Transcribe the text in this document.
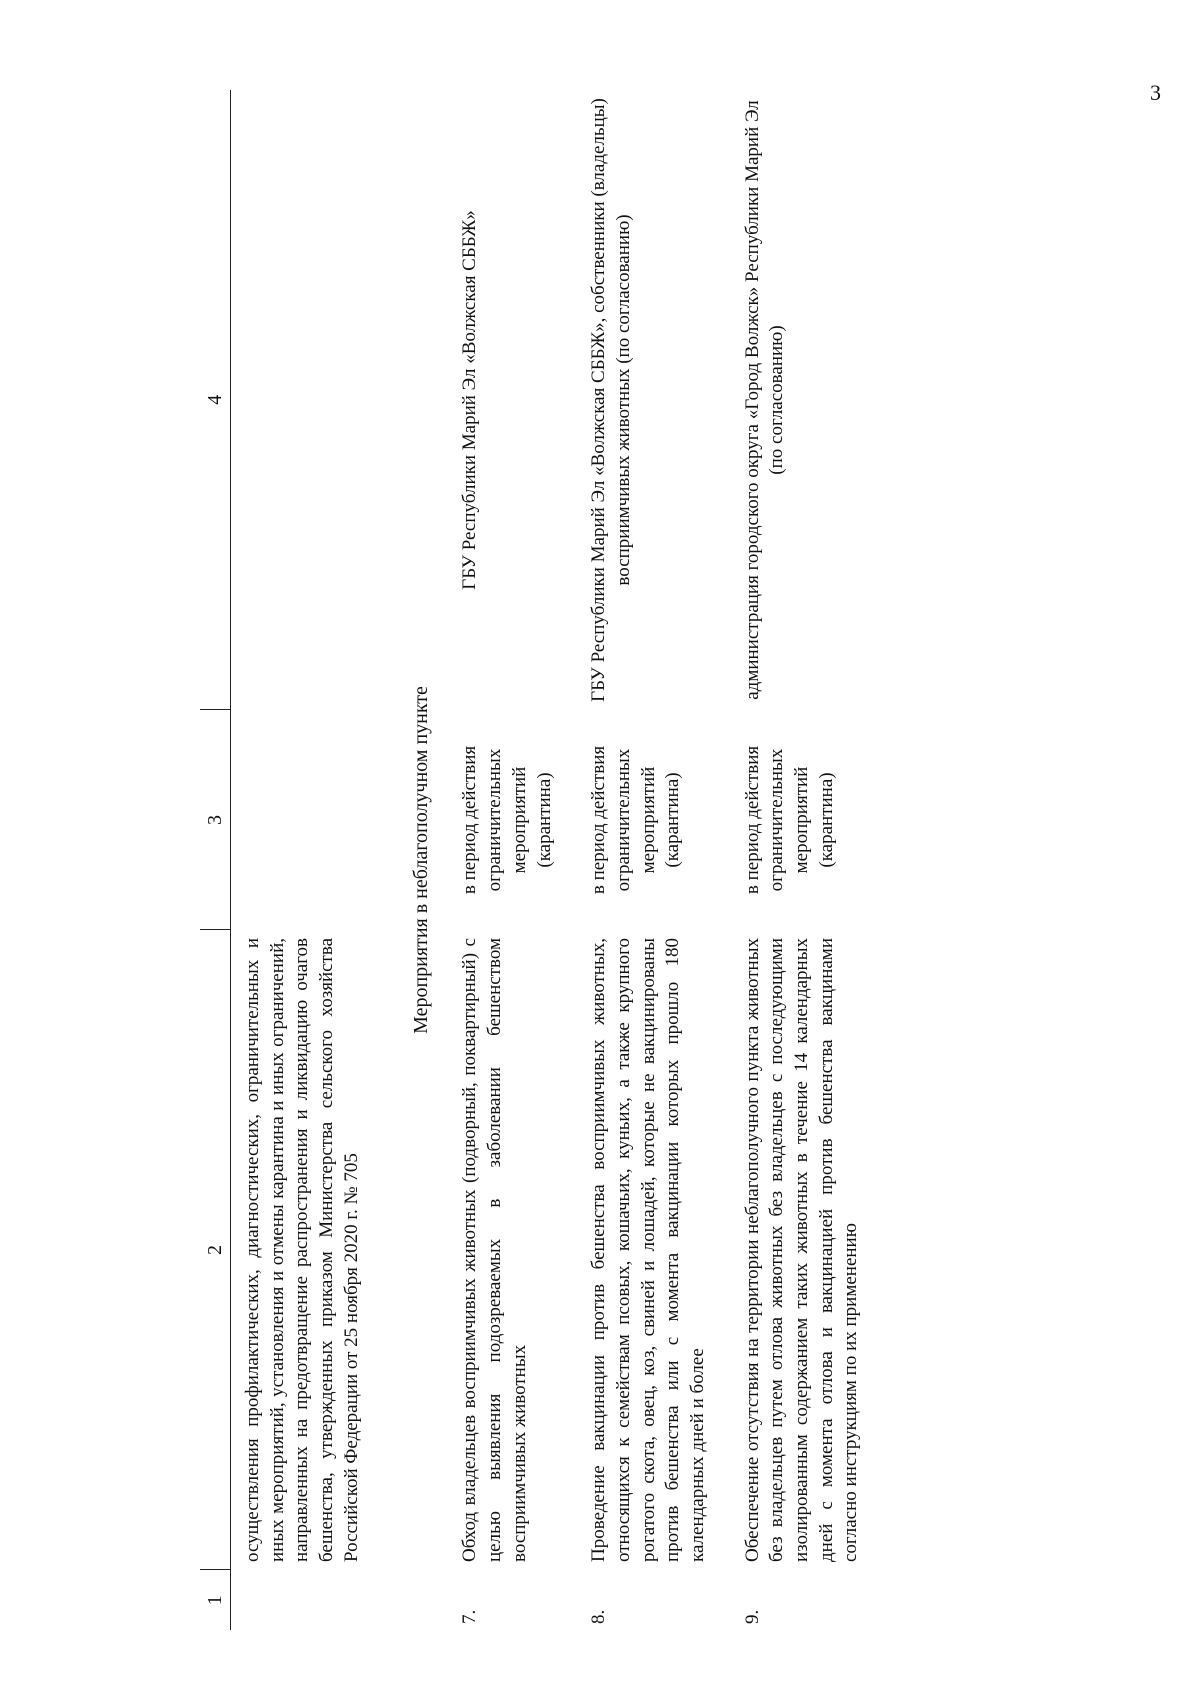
3
1	2	3	4
	осуществления профилактических, диагностических, ограничительных и иных мероприятий, установления и отмены карантина и иных ограничений, направленных на предотвращение распространения и ликвидацию очагов бешенства, утвержденных приказом Министерства сельского хозяйства Российской Федерации от 25 ноября 2020 г. № 705		
Мероприятия в неблагополучном пункте			
7.	Обход владельцев восприимчивых животных (подворный, поквартирный) с целью выявления подозреваемых в заболевании бешенством восприимчивых животных	в период действия ограничительных мероприятий (карантина)	ГБУ Республики Марий Эл «Волжская СББЖ»
8.	Проведение вакцинации против бешенства восприимчивых животных, относящихся к семействам псовых, кошачьих, куньих, а также крупного рогатого скота, овец, коз, свиней и лошадей, которые не вакцинированы против бешенства или с момента вакцинации которых прошло 180 календарных дней и более	в период действия ограничительных мероприятий (карантина)	ГБУ Республики Марий Эл «Волжская СББЖ», собственники (владельцы) восприимчивых животных (по согласованию)
9.	Обеспечение отсутствия на территории неблагополучного пункта животных без владельцев путем отлова животных без владельцев с последующими изолированным содержанием таких животных в течение 14 календарных дней с момента отлова и вакцинацией против бешенства вакцинами согласно инструкциям по их применению	в период действия ограничительных мероприятий (карантина)	администрация городского округа «Город Волжск» Республики Марий Эл (по согласованию)
